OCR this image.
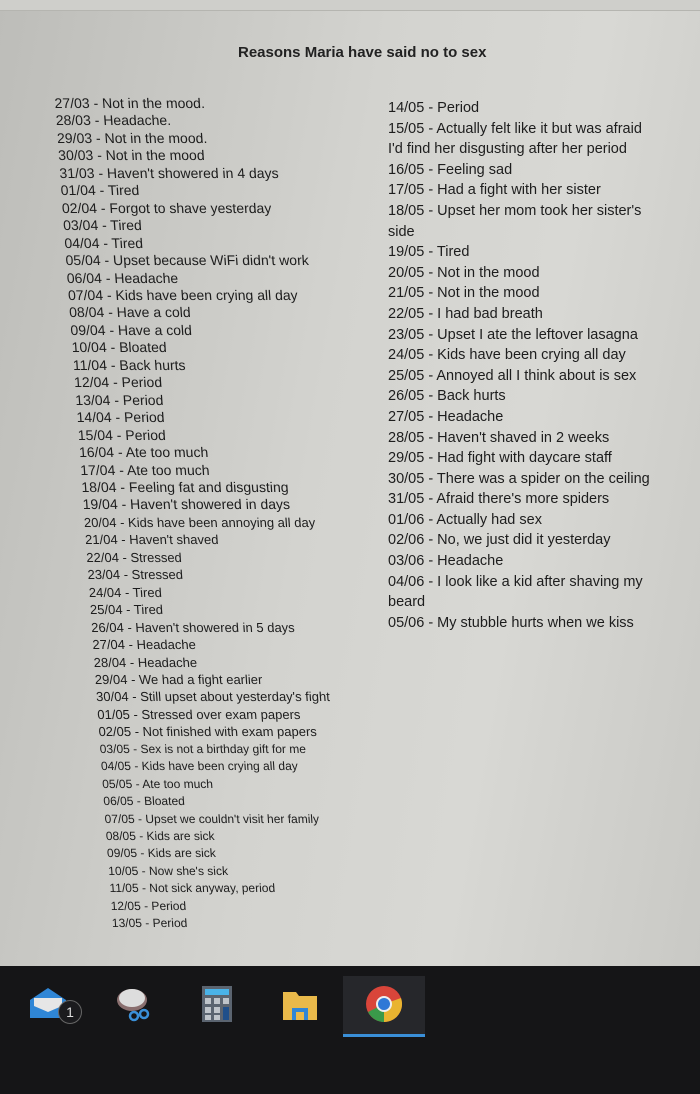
Reasons Maria have said no to sex
27/03 - Not in the mood.
28/03 - Headache.
29/03 - Not in the mood.
30/03 - Not in the mood
31/03 - Haven't showered in 4 days
01/04 - Tired
02/04 - Forgot to shave yesterday
03/04 - Tired
04/04 - Tired
05/04 - Upset because WiFi didn't work
06/04 - Headache
07/04 - Kids have been crying all day
08/04 - Have a cold
09/04 - Have a cold
10/04 - Bloated
11/04 - Back hurts
12/04 - Period
13/04 - Period
14/04 - Period
15/04 - Period
16/04 - Ate too much
17/04 - Ate too much
18/04 - Feeling fat and disgusting
19/04 - Haven't showered in days
20/04 - Kids have been annoying all day
21/04 - Haven't shaved
22/04 - Stressed
23/04 - Stressed
24/04 - Tired
25/04 - Tired
26/04 - Haven't showered in 5 days
27/04 - Headache
28/04 - Headache
29/04 - We had a fight earlier
30/04 - Still upset about yesterday's fight
01/05 - Stressed over exam papers
02/05 - Not finished with exam papers
03/05 - Sex is not a birthday gift for me
04/05 - Kids have been crying all day
05/05 - Ate too much
06/05 - Bloated
07/05 - Upset we couldn't visit her family
08/05 - Kids are sick
09/05 - Kids are sick
10/05 - Now she's sick
11/05 - Not sick anyway, period
12/05 - Period
13/05 - Period
14/05 - Period
15/05 - Actually felt like it but was afraid I'd find her disgusting after her period
16/05 - Feeling sad
17/05 - Had a fight with her sister
18/05 - Upset her mom took her sister's side
19/05 - Tired
20/05 - Not in the mood
21/05 - Not in the mood
22/05 - I had bad breath
23/05 - Upset I ate the leftover lasagna
24/05 - Kids have been crying all day
25/05 - Annoyed all I think about is sex
26/05 - Back hurts
27/05 - Headache
28/05 - Haven't shaved in 2 weeks
29/05 - Had fight with daycare staff
30/05 - There was a spider on the ceiling
31/05 - Afraid there's more spiders
01/06 - Actually had sex
02/06 - No, we just did it yesterday
03/06 - Headache
04/06 - I look like a kid after shaving my beard
05/06 - My stubble hurts when we kiss
1
